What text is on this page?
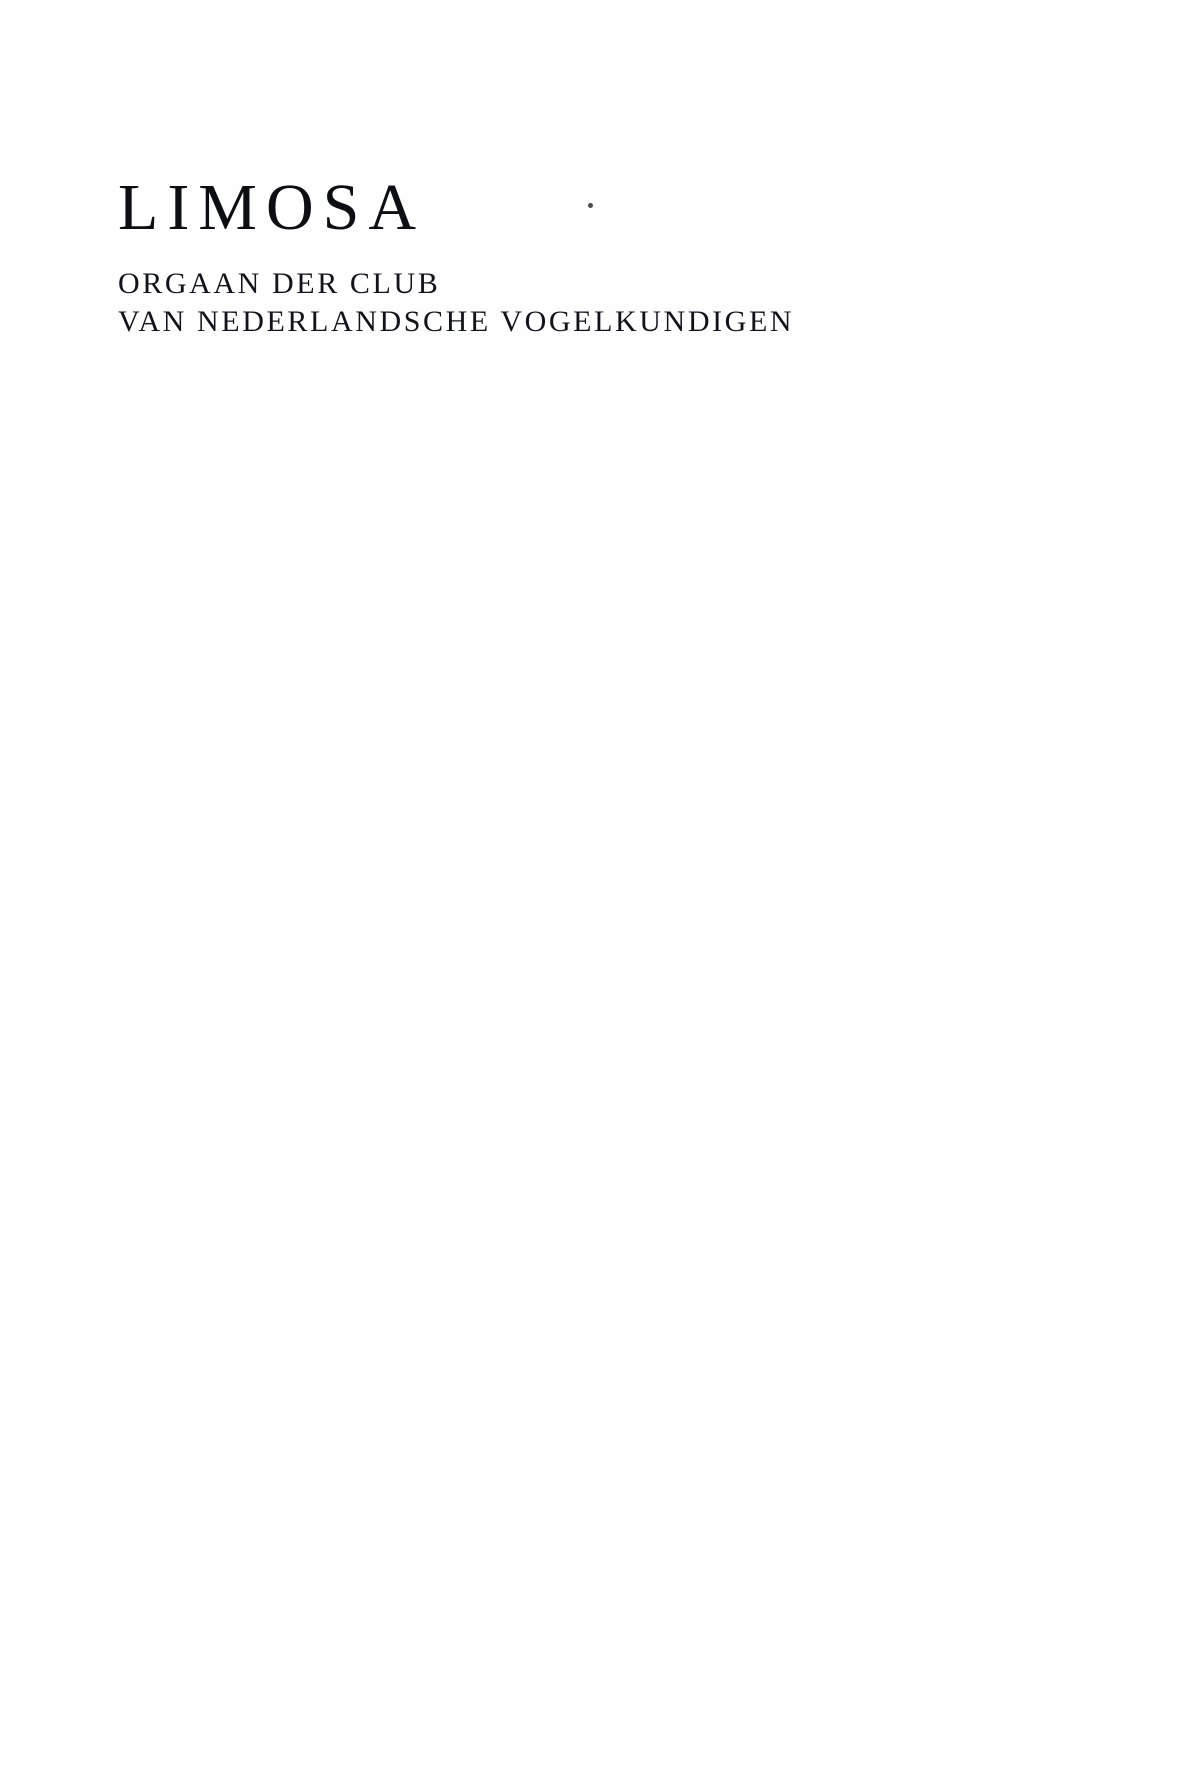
LIMOSA
ORGAAN DER CLUB
VAN NEDERLANDSCHE VOGELKUNDIGEN
